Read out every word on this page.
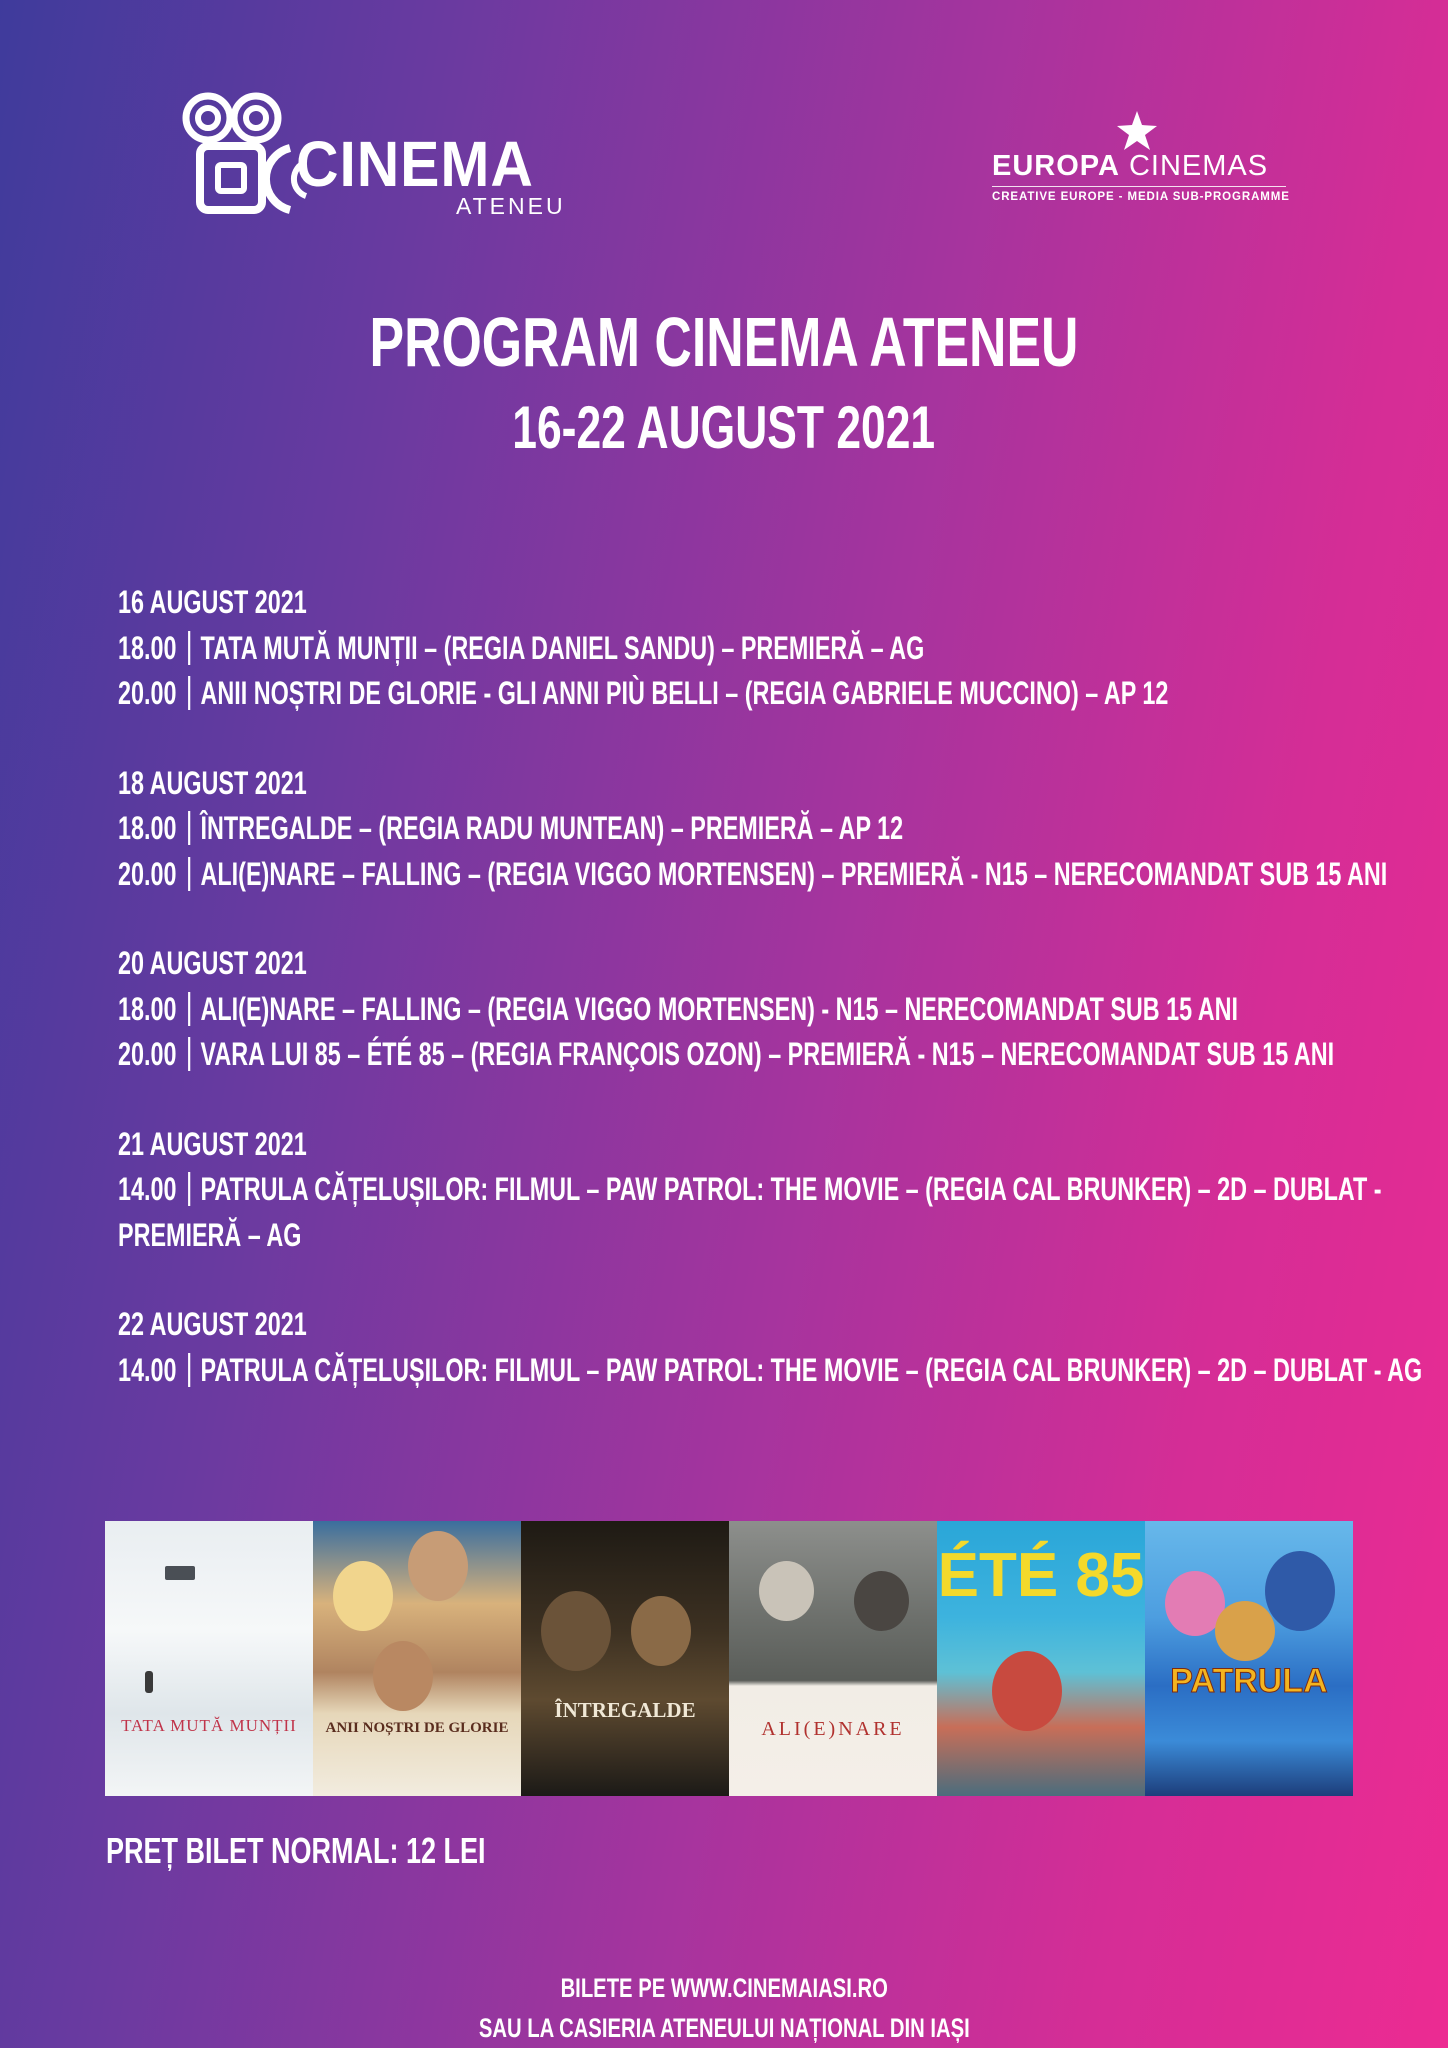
CINEMA
ATENEU
EUROPA CINEMAS
CREATIVE EUROPE - MEDIA SUB-PROGRAMME
PROGRAM CINEMA ATENEU
16-22 AUGUST 2021
16 AUGUST 2021
18.00 TATA MUTĂ MUNȚII – (REGIA DANIEL SANDU) – PREMIERĂ – AG
20.00 ANII NOȘTRI DE GLORIE - GLI ANNI PIÙ BELLI – (REGIA GABRIELE MUCCINO) – AP 12
18 AUGUST 2021
18.00 ÎNTREGALDE – (REGIA RADU MUNTEAN) – PREMIERĂ – AP 12
20.00 ALI(E)NARE – FALLING – (REGIA VIGGO MORTENSEN) – PREMIERĂ - N15 – NERECOMANDAT SUB 15 ANI
20 AUGUST 2021
18.00 ALI(E)NARE – FALLING – (REGIA VIGGO MORTENSEN) - N15 – NERECOMANDAT SUB 15 ANI
20.00 VARA LUI 85 – ÉTÉ 85 – (REGIA FRANÇOIS OZON) – PREMIERĂ - N15 – NERECOMANDAT SUB 15 ANI
21 AUGUST 2021
14.00 PATRULA CĂȚELUȘILOR: FILMUL – PAW PATROL: THE MOVIE – (REGIA CAL BRUNKER) – 2D – DUBLAT -
PREMIERĂ – AG
22 AUGUST 2021
14.00 PATRULA CĂȚELUȘILOR: FILMUL – PAW PATROL: THE MOVIE – (REGIA CAL BRUNKER) – 2D – DUBLAT - AG
TATA MUTĂ MUNȚII	ANII NOȘTRI DE GLORIE
ÎNTREGALDE
ALI(E)NARE
ÉTÉ 85
PATRULA
PREȚ BILET NORMAL: 12 LEI
BILETE PE WWW.CINEMAIASI.RO
SAU LA CASIERIA ATENEULUI NAȚIONAL DIN IAȘI
